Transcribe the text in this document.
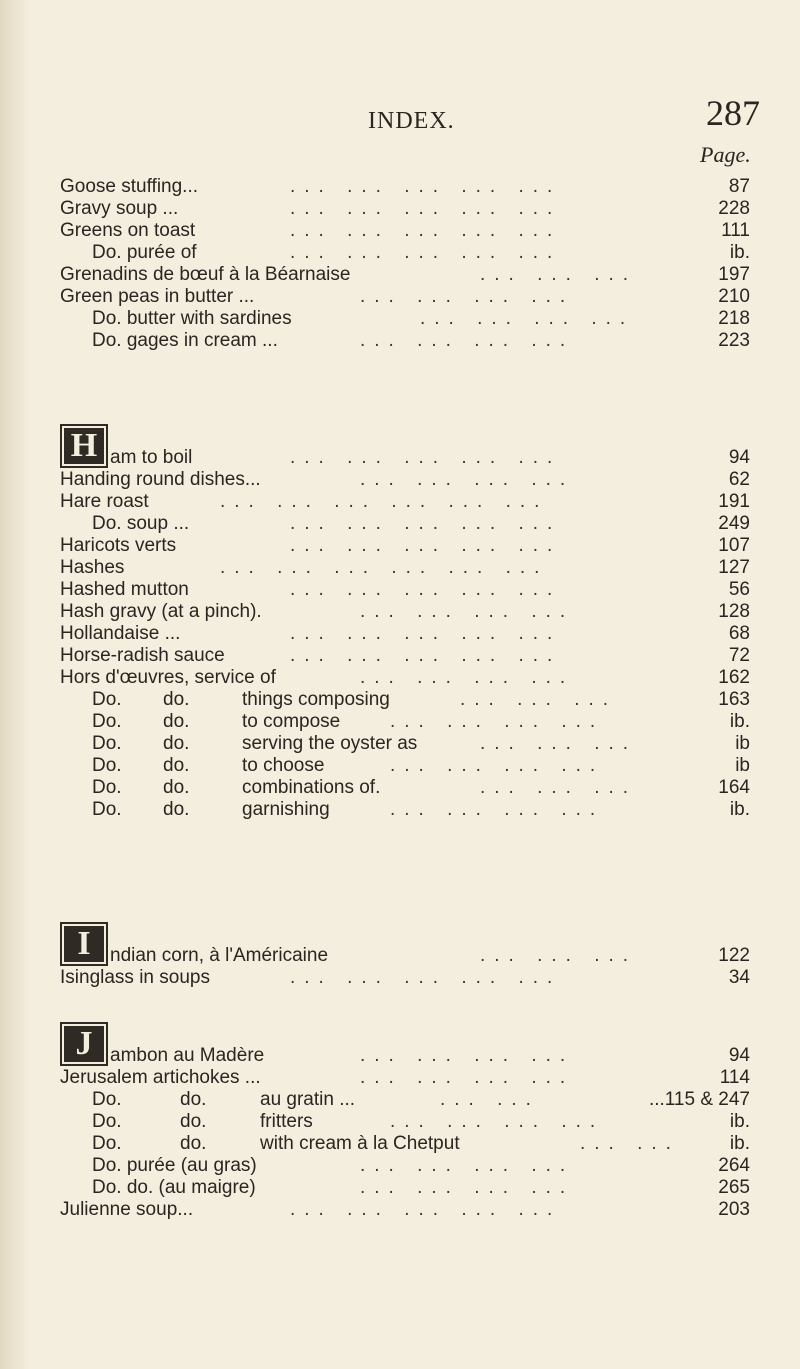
INDEX.	287
Page.
Goose stuffing...	... ... ... ... ...	87
Gravy soup ...	... ... ... ... ...	228
Greens on toast	... ... ... ... ...	111
Do. purée of	... ... ... ... ...	ib.
Grenadins de bœuf à la Béarnaise	... ... ...	197
Green peas in butter ...	... ... ... ...	210
Do. butter with sardines	... ... ... ...	218
Do. gages in cream ...	... ... ... ...	223
H am to boil	... ... ... ... ...	94
Handing round dishes...	... ... ... ...	62
Hare roast	... ... ... ... ... ...	191
Do. soup ...	... ... ... ... ...	249
Haricots verts	... ... ... ... ...	107
Hashes	... ... ... ... ... ...	127
Hashed mutton	... ... ... ... ...	56
Hash gravy (at a pinch).	... ... ... ...	128
Hollandaise ...	... ... ... ... ...	68
Horse-radish sauce	... ... ... ... ...	72
Hors d'œuvres, service of	... ... ... ...	162
Do. do.	things composing	... ... ...	163
Do. do.	to compose	... ... ... ...	ib.
Do. do.	serving the oyster as	... ... ...	ib
Do. do.	to choose	... ... ... ...	ib
Do. do.	combinations of.	... ... ...	164
Do. do.	garnishing	... ... ... ...	ib.
I	ndian corn, à l'Américaine	... ... ...	122
Isinglass in soups	... ... ... ... ...	34
J ambon au Madère	... ... ... ...	94
Jerusalem artichokes ...	... ... ... ...	114
Do.	do.	au gratin ...	... ...	...115 & 247
Do.	do.	fritters	... ... ... ...	ib.
Do.	do.	with cream à la Chetput	... ...	ib.
Do. purée (au gras)	... ... ... ...	264
Do. do. (au maigre)	... ... ... ...	265
Julienne soup...	... ... ... ... ...	203
